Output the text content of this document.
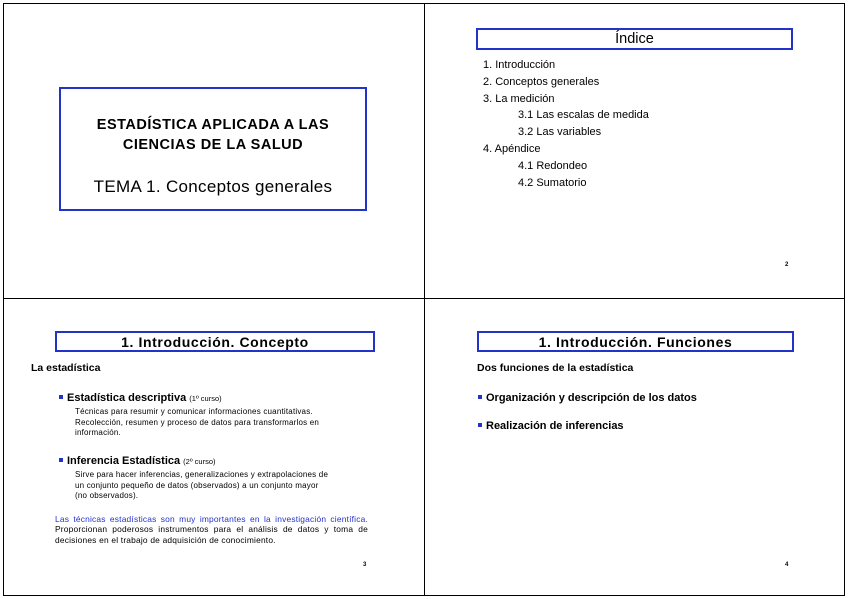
ESTADÍSTICA APLICADA A LAS
CIENCIAS DE LA SALUD
TEMA 1. Conceptos generales
Índice
1. Introducción
2. Conceptos generales
3. La medición
3.1 Las escalas de medida
3.2 Las variables
4. Apéndice
4.1 Redondeo
4.2 Sumatorio
2
1. Introducción. Concepto
La estadística
Estadística descriptiva (1º curso)
Técnicas para resumir y comunicar informaciones cuantitativas.
Recolección, resumen y proceso de datos para transformarlos en
información.
Inferencia Estadística (2º curso)
Sirve para hacer inferencias, generalizaciones y extrapolaciones de
un conjunto pequeño de datos (observados) a un conjunto mayor
(no observados).
3
Las técnicas estadísticas son muy importantes en la investigación científica. Proporcionan poderosos instrumentos para el análisis de datos y toma de decisiones en el trabajo de adquisición de conocimiento.
1. Introducción. Funciones
Dos funciones de la estadística
Organización y descripción de los datos
Realización de inferencias
4
